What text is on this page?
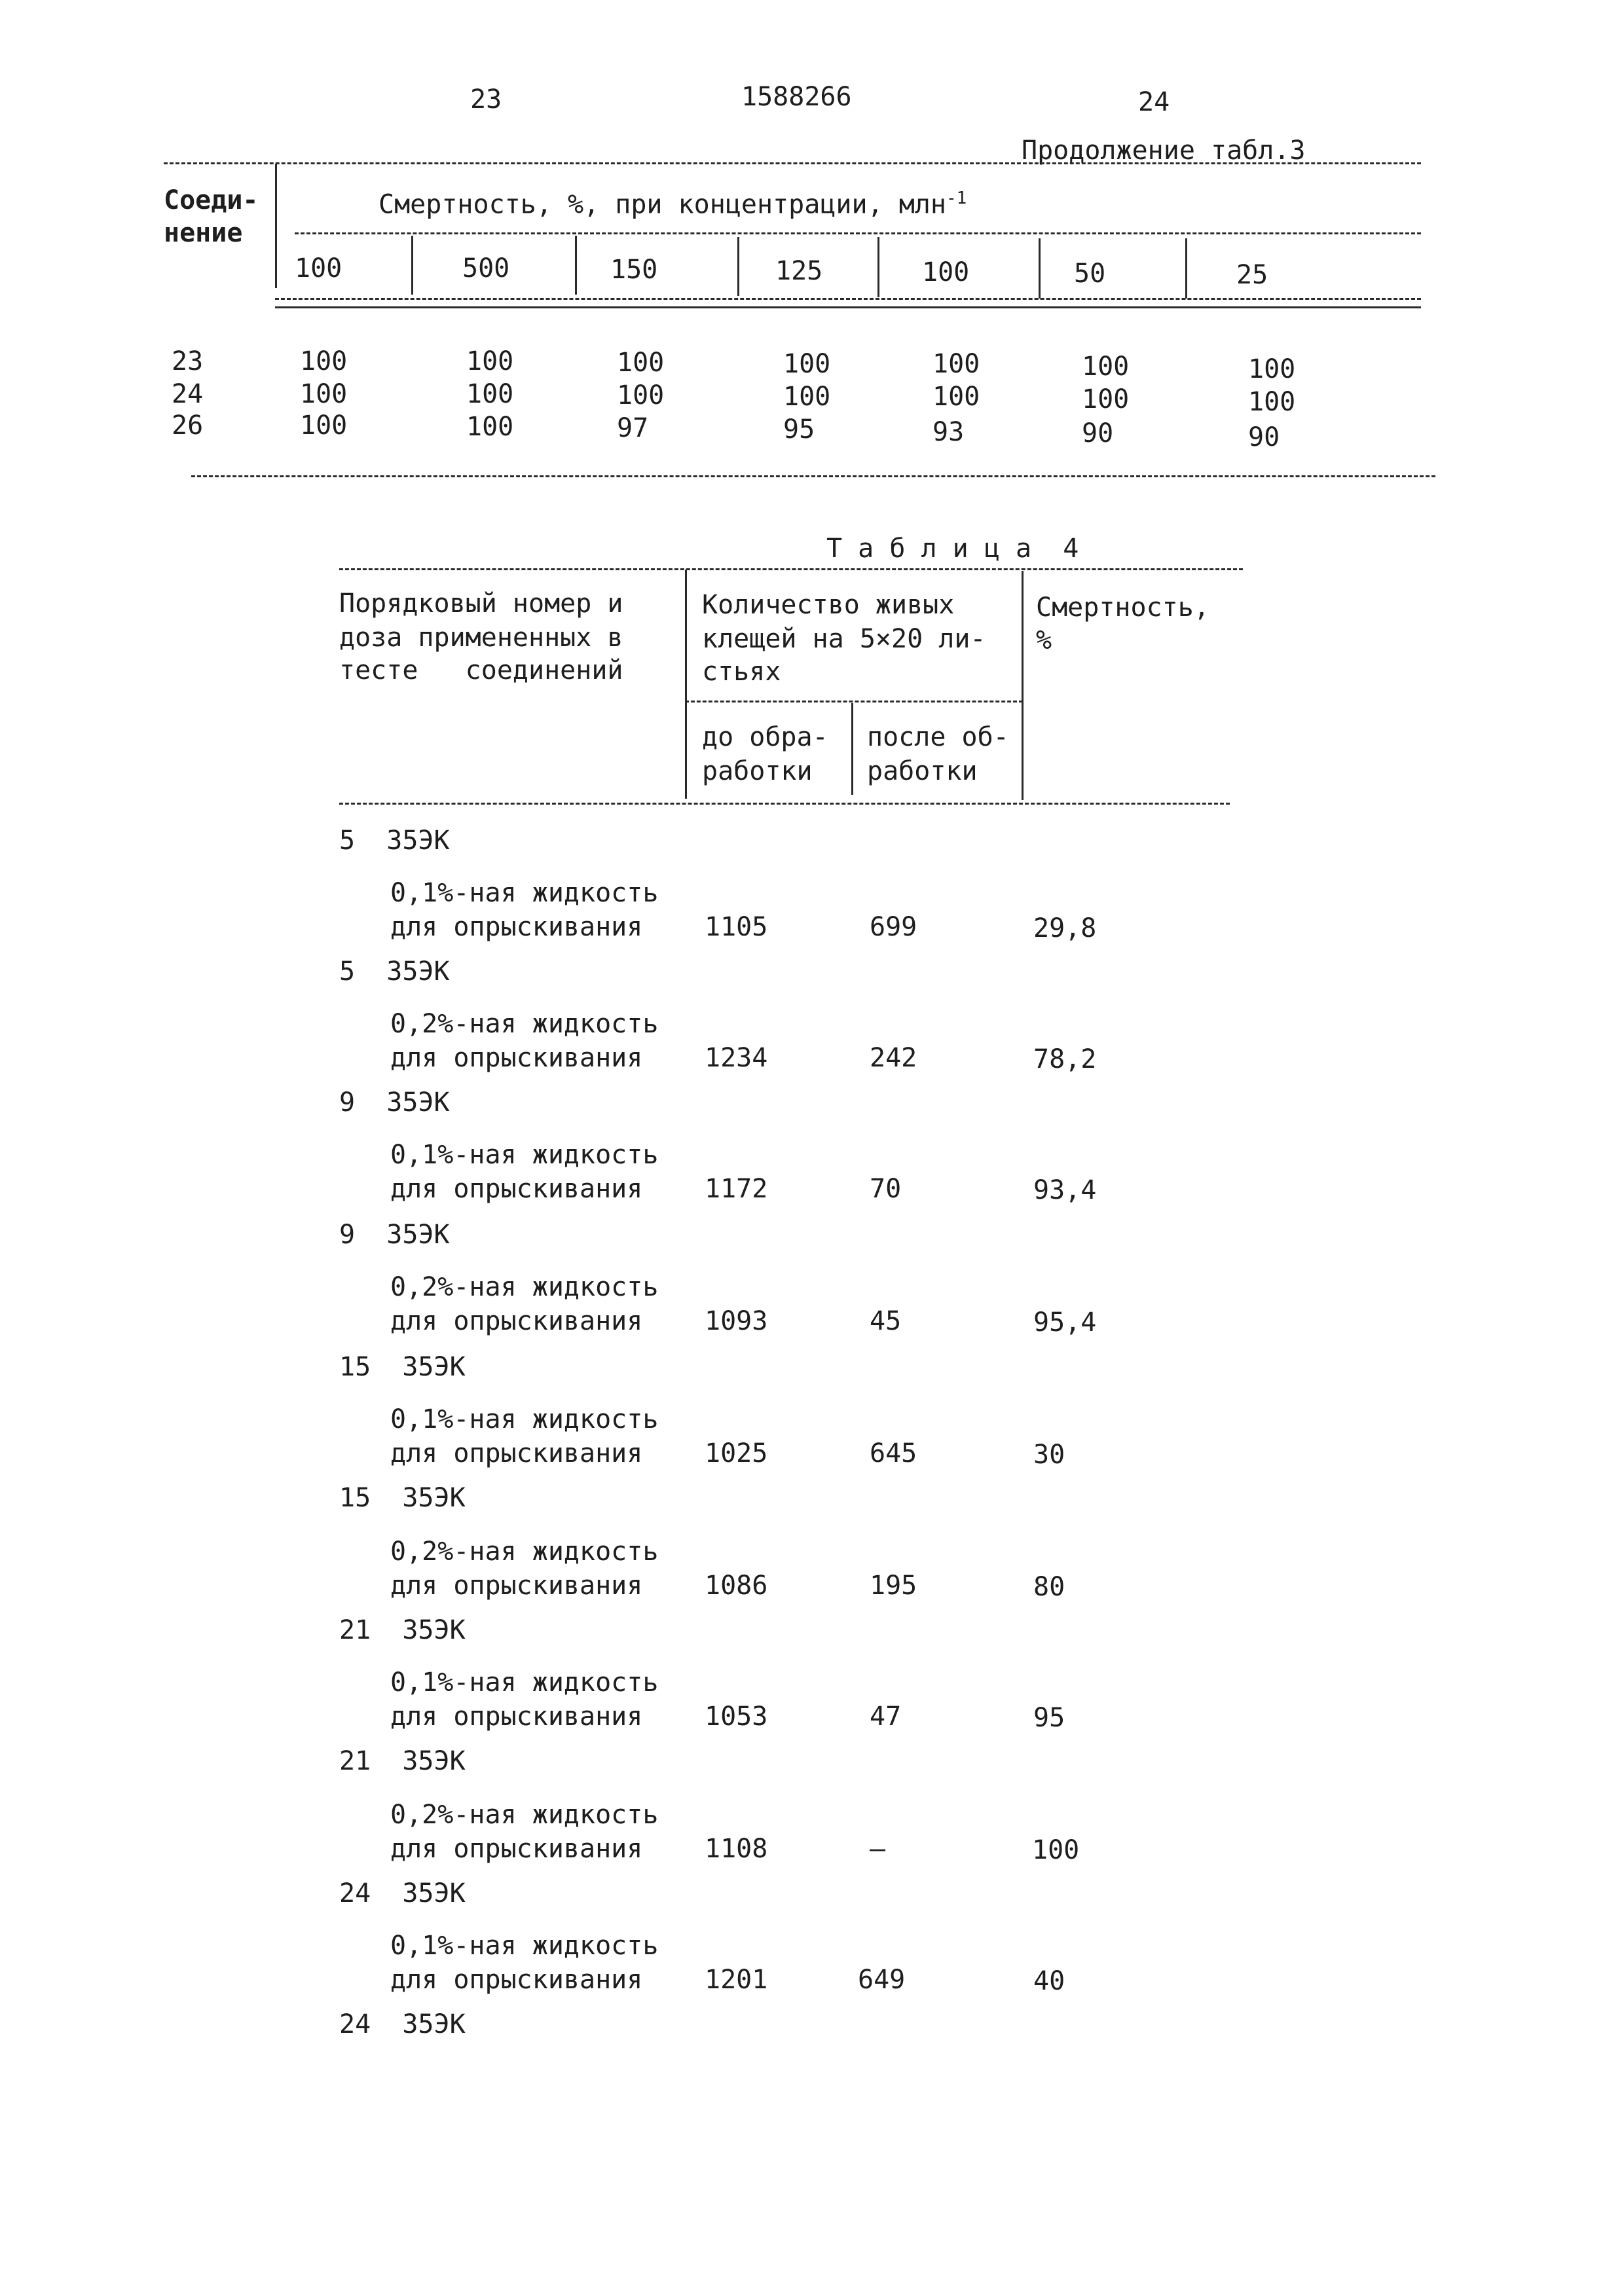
23	1588266	24
Продолжение табл.3
Соеди-
нение
Смертность, %, при концентрации, млн$^{-1}$
100	500	150	125	100	50	25
23	100	100	100	100	100	100	100
24	100	100	100	100	100	100	100
26	100	100	97	95	93	90	90
Т а б л и ц а  4
Порядковый номер и
доза примененных в
тесте   соединений
Количество живых
клещей на 5×20 ли-
стьях
до обра-
работки
после об-
работки
Смертность,
%
5  35ЭК
0,1%-ная жидкость
для опрыскивания 1105	699	29,8
5  35ЭК
0,2%-ная жидкость
для опрыскивания 1234	242	78,2
9  35ЭК
0,1%-ная жидкость
для опрыскивания 1172	70	93,4
9  35ЭК
0,2%-ная жидкость
для опрыскивания 1093	45	95,4
15  35ЭК
0,1%-ная жидкость
для опрыскивания 1025	645	30
15  35ЭК
0,2%-ная жидкость
для опрыскивания 1086	195	80
21  35ЭК
0,1%-ная жидкость
для опрыскивания 1053	47	95
21  35ЭК
0,2%-ная жидкость
для опрыскивания 1108	–	100
24  35ЭК
0,1%-ная жидкость
для опрыскивания 1201	649	40
24  35ЭК
